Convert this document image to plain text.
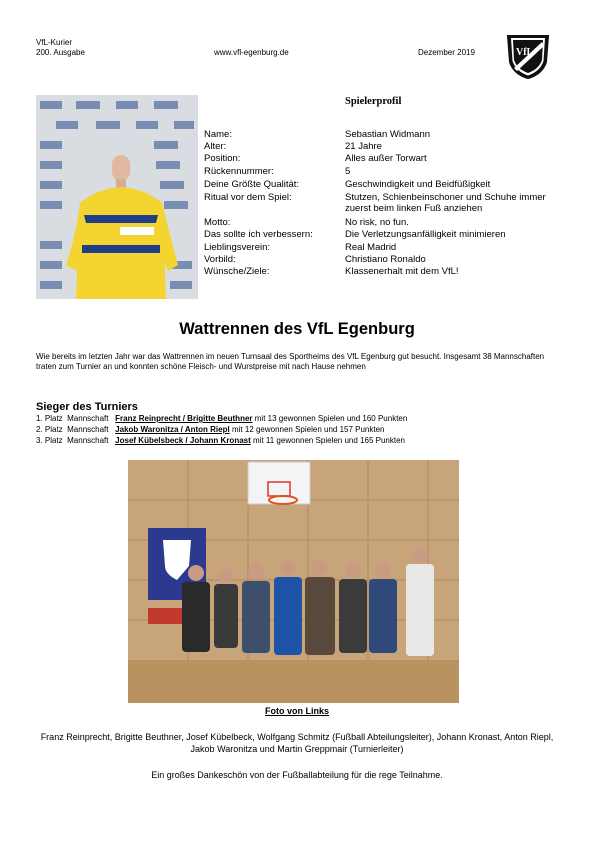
VfL-Kurier
200. Ausgabe	www.vfl-egenburg.de	Dezember 2019	VfL
Spielerprofil
Name:	Sebastian Widmann
Alter:	21 Jahre
Position:	Alles außer Torwart
Rückennummer:	5
Deine Größte Qualität:	Geschwindigkeit und Beidfüßigkeit
Ritual vor dem Spiel:	Stutzen, Schienbeinschoner und Schuhe immer zuerst beim linken Fuß anziehen
Motto:	No risk, no fun.
Das sollte ich verbessern:	Die Verletzungsanfälligkeit minimieren
Lieblingsverein:	Real Madrid
Vorbild:	Christiano Ronaldo
Wünsche/Ziele:	Klassenerhalt mit dem VfL!
Wattrennen des VfL Egenburg
Wie bereits im letzten Jahr war das Wattrennen im neuen Turnsaal des Sportheims des VfL Egenburg gut besucht. Insgesamt 38 Mannschaften traten zum Turnier an und konnten schöne Fleisch- und Wurstpreise mit nach Hause nehmen
Sieger des Turniers
1. Platz Mannschaft Franz Reinprecht / Brigitte Beuthner mit 13 gewonnen Spielen und 160 Punkten
2. Platz Mannschaft Jakob Waronitza / Anton Riepl mit 12 gewonnen Spielen und 157 Punkten
3. Platz Mannschaft Josef Kübelsbeck / Johann Kronast mit 11 gewonnen Spielen und 165 Punkten
Foto von Links
Franz Reinprecht, Brigitte Beuthner, Josef Kübelbeck, Wolfgang Schmitz (Fußball Abteilungsleiter), Johann Kronast, Anton Riepl, Jakob Waronitza und Martin Greppmair (Turnierleiter)
Ein großes Dankeschön von der Fußballabteilung für die rege Teilnahme.
